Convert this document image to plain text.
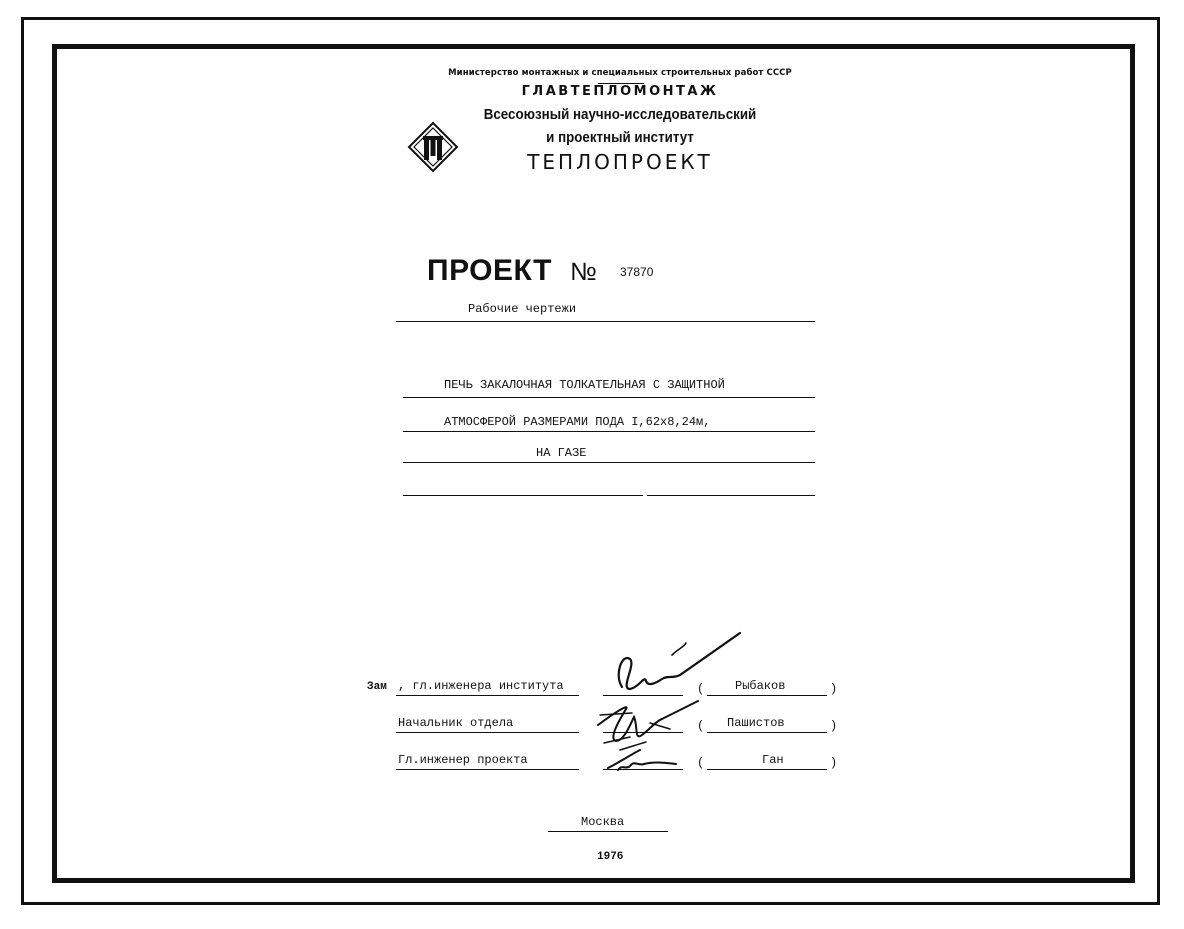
Министерство монтажных и специальных строительных работ СССР
ГЛАВТЕПЛОМОНТАЖ
Всесоюзный научно-исследовательский
и проектный институт
ТЕПЛОПРОЕКТ
ПРОЕКТ № 37870
Рабочие чертежи
ПЕЧЬ ЗАКАЛОЧНАЯ ТОЛКАТЕЛЬНАЯ С ЗАЩИТНОЙ
АТМОСФЕРОЙ РАЗМЕРАМИ ПОДА I,62х8,24м,
НА ГАЗЕ
Зам , гл.инженера института	(	Рыбаков	)
Начальник отдела	( Пашистов	)
Гл.инженер проекта	(	Ган	)
Москва
1976
